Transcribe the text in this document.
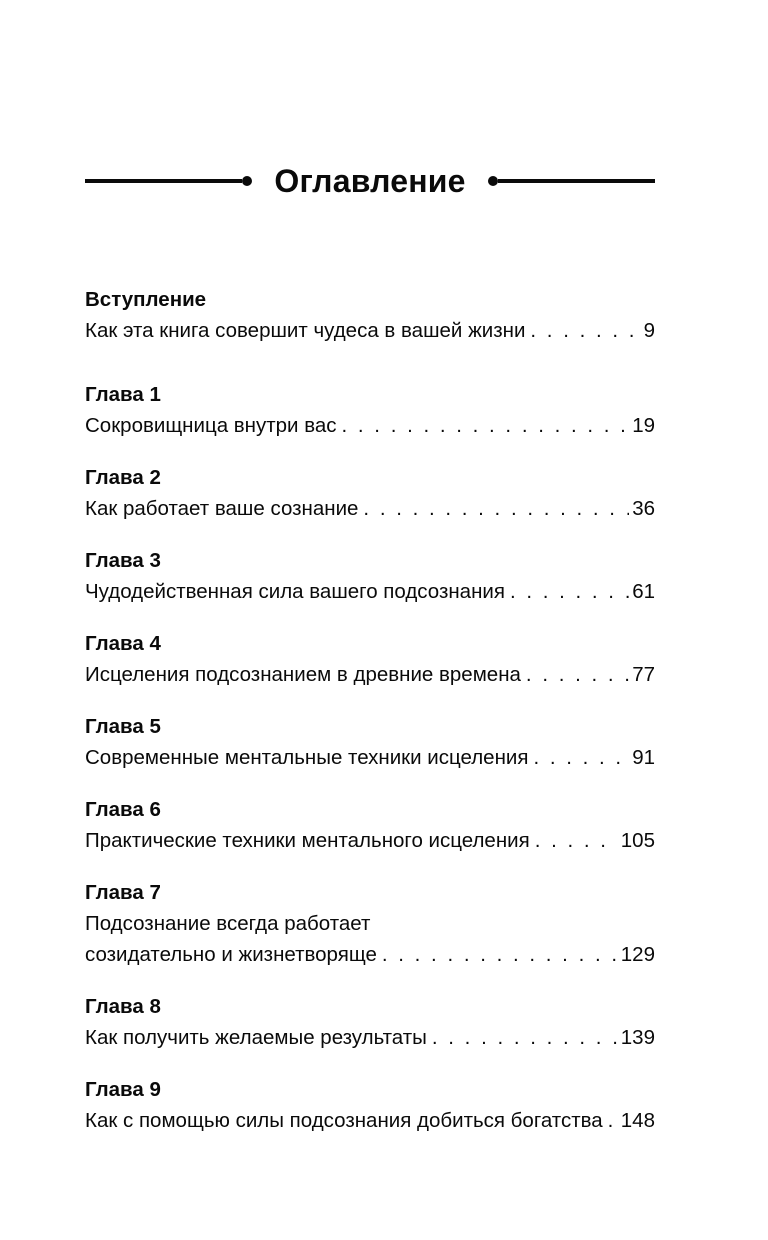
Оглавление
Вступление
Как эта книга совершит чудеса в вашей жизни . . .	9
Глава 1
Сокровищница внутри вас . . .	19
Глава 2
Как работает ваше сознание . . .	36
Глава 3
Чудодейственная сила вашего подсознания . . .	61
Глава 4
Исцеления подсознанием в древние времена . . .	77
Глава 5
Современные ментальные техники исцеления . . .	91
Глава 6
Практические техники ментального исцеления . . .	105
Глава 7
Подсознание всегда работает
созидательно и жизнетворяще . . .	129
Глава 8
Как получить желаемые результаты . . .	139
Глава 9
Как с помощью силы подсознания добиться богатства . . . 148
